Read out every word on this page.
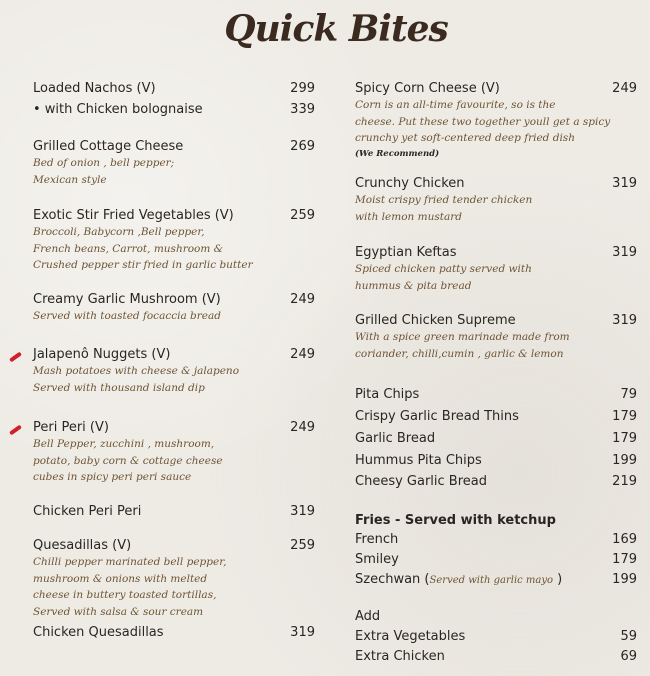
Quick Bites
Loaded Nachos (V)	299
• with Chicken bolognaise	339
Grilled Cottage Cheese	269
Bed of onion , bell pepper;
Mexican style
Exotic Stir Fried Vegetables (V)	259
Broccoli, Babycorn ,Bell pepper,
French beans, Carrot, mushroom &
Crushed pepper stir fried in garlic butter
Creamy Garlic Mushroom (V)	249
Served with toasted focaccia bread
Jalapenô Nuggets (V)	249
Mash potatoes with cheese & jalapeno
Served with thousand island dip
Peri Peri (V)	249
Bell Pepper, zucchini , mushroom,
potato, baby corn & cottage cheese
cubes in spicy peri peri sauce
Chicken Peri Peri	319
Quesadillas (V)	259
Chilli pepper marinated bell pepper,
mushroom & onions with melted
cheese in buttery toasted tortillas,
Served with salsa & sour cream
Chicken Quesadillas	319
Spicy Corn Cheese (V)	249
Corn is an all-time favourite, so is the
cheese. Put these two together youll get a spicy
crunchy yet soft-centered deep fried dish
(We Recommend)
Crunchy Chicken	319
Moist crispy fried tender chicken
with lemon mustard
Egyptian Keftas	319
Spiced chicken patty served with
hummus & pita bread
Grilled Chicken Supreme	319
With a spice green marinade made from
coriander, chilli,cumin , garlic & lemon
Pita Chips	79
Crispy Garlic Bread Thins	179
Garlic Bread	179
Hummus Pita Chips	199
Cheesy Garlic Bread	219
Fries - Served with ketchup
French	169
Smiley	179
Szechwan (Served with garlic mayo )	199
Add
Extra Vegetables	59
Extra Chicken	69
